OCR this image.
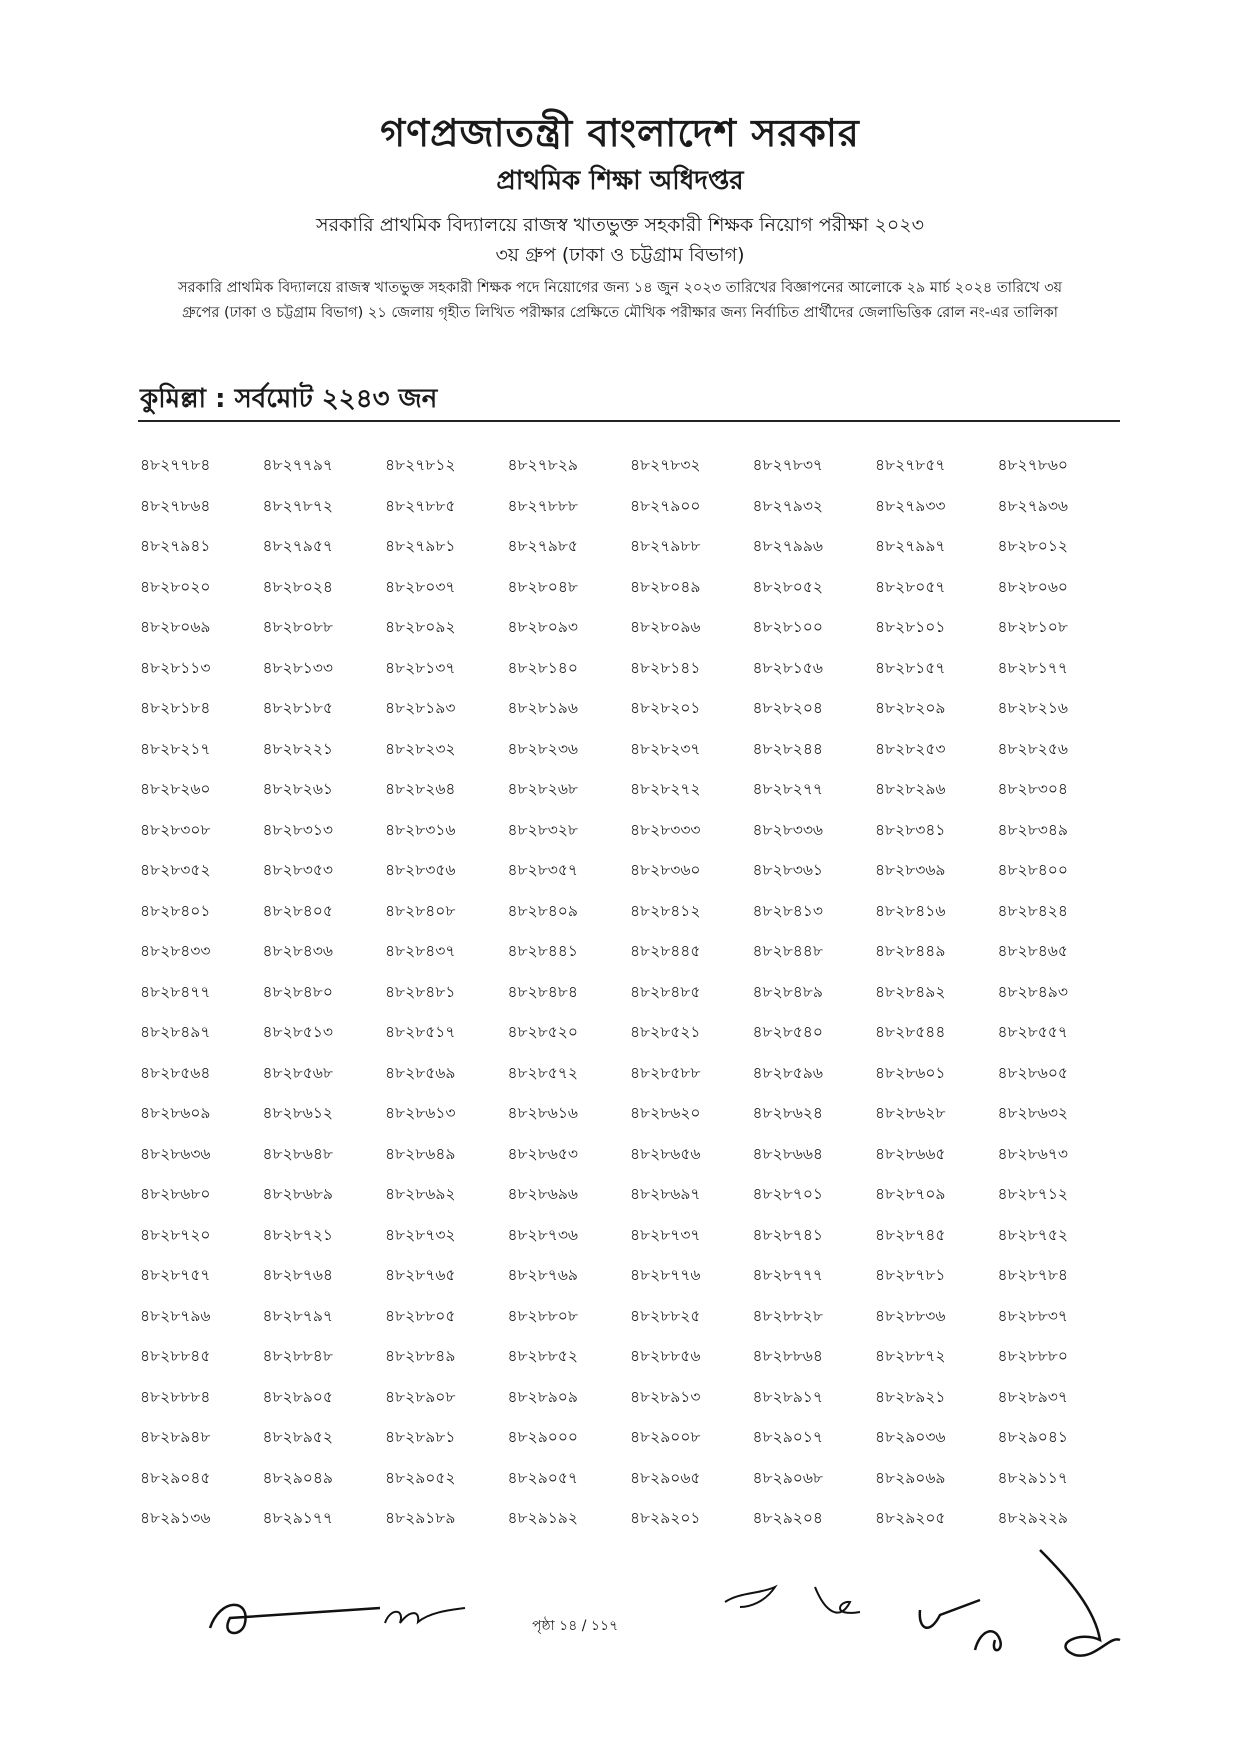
গণপ্রজাতন্ত্রী বাংলাদেশ সরকার
প্রাথমিক শিক্ষা অধিদপ্তর
সরকারি প্রাথমিক বিদ্যালয়ে রাজস্ব খাতভুক্ত সহকারী শিক্ষক নিয়োগ পরীক্ষা ২০২৩
৩য় গ্রুপ (ঢাকা ও চট্টগ্রাম বিভাগ)
সরকারি প্রাথমিক বিদ্যালয়ে রাজস্ব খাতভুক্ত সহকারী শিক্ষক পদে নিয়োগের জন্য ১৪ জুন ২০২৩ তারিখের বিজ্ঞাপনের আলোকে ২৯ মার্চ ২০২৪ তারিখে ৩য় গ্রুপের (ঢাকা ও চট্টগ্রাম বিভাগ) ২১ জেলায় গৃহীত লিখিত পরীক্ষার প্রেক্ষিতে মৌখিক পরীক্ষার জন্য নির্বাচিত প্রার্থীদের জেলাভিত্তিক রোল নং-এর তালিকা
কুমিল্লা : সর্বমোট ২২৪৩ জন
৪৮২৭৭৮৪	৪৮২৭৭৯৭	৪৮২৭৮১২	৪৮২৭৮২৯	৪৮২৭৮৩২	৪৮২৭৮৩৭	৪৮২৭৮৫৭	৪৮২৭৮৬০
৪৮২৭৮৬৪	৪৮২৭৮৭২	৪৮২৭৮৮৫	৪৮২৭৮৮৮	৪৮২৭৯০০	৪৮২৭৯৩২	৪৮২৭৯৩৩	৪৮২৭৯৩৬
৪৮২৭৯৪১	৪৮২৭৯৫৭	৪৮২৭৯৮১	৪৮২৭৯৮৫	৪৮২৭৯৮৮	৪৮২৭৯৯৬	৪৮২৭৯৯৭	৪৮২৮০১২
৪৮২৮০২০	৪৮২৮০২৪	৪৮২৮০৩৭	৪৮২৮০৪৮	৪৮২৮০৪৯	৪৮২৮০৫২	৪৮২৮০৫৭	৪৮২৮০৬০
৪৮২৮০৬৯	৪৮২৮০৮৮	৪৮২৮০৯২	৪৮২৮০৯৩	৪৮২৮০৯৬	৪৮২৮১০০	৪৮২৮১০১	৪৮২৮১০৮
৪৮২৮১১৩	৪৮২৮১৩৩	৪৮২৮১৩৭	৪৮২৮১৪০	৪৮২৮১৪১	৪৮২৮১৫৬	৪৮২৮১৫৭	৪৮২৮১৭৭
৪৮২৮১৮৪	৪৮২৮১৮৫	৪৮২৮১৯৩	৪৮২৮১৯৬	৪৮২৮২০১	৪৮২৮২০৪	৪৮২৮২০৯	৪৮২৮২১৬
৪৮২৮২১৭	৪৮২৮২২১	৪৮২৮২৩২	৪৮২৮২৩৬	৪৮২৮২৩৭	৪৮২৮২৪৪	৪৮২৮২৫৩	৪৮২৮২৫৬
৪৮২৮২৬০	৪৮২৮২৬১	৪৮২৮২৬৪	৪৮২৮২৬৮	৪৮২৮২৭২	৪৮২৮২৭৭	৪৮২৮২৯৬	৪৮২৮৩০৪
৪৮২৮৩০৮	৪৮২৮৩১৩	৪৮২৮৩১৬	৪৮২৮৩২৮	৪৮২৮৩৩৩	৪৮২৮৩৩৬	৪৮২৮৩৪১	৪৮২৮৩৪৯
৪৮২৮৩৫২	৪৮২৮৩৫৩	৪৮২৮৩৫৬	৪৮২৮৩৫৭	৪৮২৮৩৬০	৪৮২৮৩৬১	৪৮২৮৩৬৯	৪৮২৮৪০০
৪৮২৮৪০১	৪৮২৮৪০৫	৪৮২৮৪০৮	৪৮২৮৪০৯	৪৮২৮৪১২	৪৮২৮৪১৩	৪৮২৮৪১৬	৪৮২৮৪২৪
৪৮২৮৪৩৩	৪৮২৮৪৩৬	৪৮২৮৪৩৭	৪৮২৮৪৪১	৪৮২৮৪৪৫	৪৮২৮৪৪৮	৪৮২৮৪৪৯	৪৮২৮৪৬৫
৪৮২৮৪৭৭	৪৮২৮৪৮০	৪৮২৮৪৮১	৪৮২৮৪৮৪	৪৮২৮৪৮৫	৪৮২৮৪৮৯	৪৮২৮৪৯২	৪৮২৮৪৯৩
৪৮২৮৪৯৭	৪৮২৮৫১৩	৪৮২৮৫১৭	৪৮২৮৫২০	৪৮২৮৫২১	৪৮২৮৫৪০	৪৮২৮৫৪৪	৪৮২৮৫৫৭
৪৮২৮৫৬৪	৪৮২৮৫৬৮	৪৮২৮৫৬৯	৪৮২৮৫৭২	৪৮২৮৫৮৮	৪৮২৮৫৯৬	৪৮২৮৬০১	৪৮২৮৬০৫
৪৮২৮৬০৯	৪৮২৮৬১২	৪৮২৮৬১৩	৪৮২৮৬১৬	৪৮২৮৬২০	৪৮২৮৬২৪	৪৮২৮৬২৮	৪৮২৮৬৩২
৪৮২৮৬৩৬	৪৮২৮৬৪৮	৪৮২৮৬৪৯	৪৮২৮৬৫৩	৪৮২৮৬৫৬	৪৮২৮৬৬৪	৪৮২৮৬৬৫	৪৮২৮৬৭৩
৪৮২৮৬৮০	৪৮২৮৬৮৯	৪৮২৮৬৯২	৪৮২৮৬৯৬	৪৮২৮৬৯৭	৪৮২৮৭০১	৪৮২৮৭০৯	৪৮২৮৭১২
৪৮২৮৭২০	৪৮২৮৭২১	৪৮২৮৭৩২	৪৮২৮৭৩৬	৪৮২৮৭৩৭	৪৮২৮৭৪১	৪৮২৮৭৪৫	৪৮২৮৭৫২
৪৮২৮৭৫৭	৪৮২৮৭৬৪	৪৮২৮৭৬৫	৪৮২৮৭৬৯	৪৮২৮৭৭৬	৪৮২৮৭৭৭	৪৮২৮৭৮১	৪৮২৮৭৮৪
৪৮২৮৭৯৬	৪৮২৮৭৯৭	৪৮২৮৮০৫	৪৮২৮৮০৮	৪৮২৮৮২৫	৪৮২৮৮২৮	৪৮২৮৮৩৬	৪৮২৮৮৩৭
৪৮২৮৮৪৫	৪৮২৮৮৪৮	৪৮২৮৮৪৯	৪৮২৮৮৫২	৪৮২৮৮৫৬	৪৮২৮৮৬৪	৪৮২৮৮৭২	৪৮২৮৮৮০
৪৮২৮৮৮৪	৪৮২৮৯০৫	৪৮২৮৯০৮	৪৮২৮৯০৯	৪৮২৮৯১৩	৪৮২৮৯১৭	৪৮২৮৯২১	৪৮২৮৯৩৭
৪৮২৮৯৪৮	৪৮২৮৯৫২	৪৮২৮৯৮১	৪৮২৯০০০	৪৮২৯০০৮	৪৮২৯০১৭	৪৮২৯০৩৬	৪৮২৯০৪১
৪৮২৯০৪৫	৪৮২৯০৪৯	৪৮২৯০৫২	৪৮২৯০৫৭	৪৮২৯০৬৫	৪৮২৯০৬৮	৪৮২৯০৬৯	৪৮২৯১১৭
৪৮২৯১৩৬	৪৮২৯১৭৭	৪৮২৯১৮৯	৪৮২৯১৯২	৪৮২৯২০১	৪৮২৯২০৪	৪৮২৯২০৫	৪৮২৯২২৯
পৃষ্ঠা ১৪ / ১১৭
